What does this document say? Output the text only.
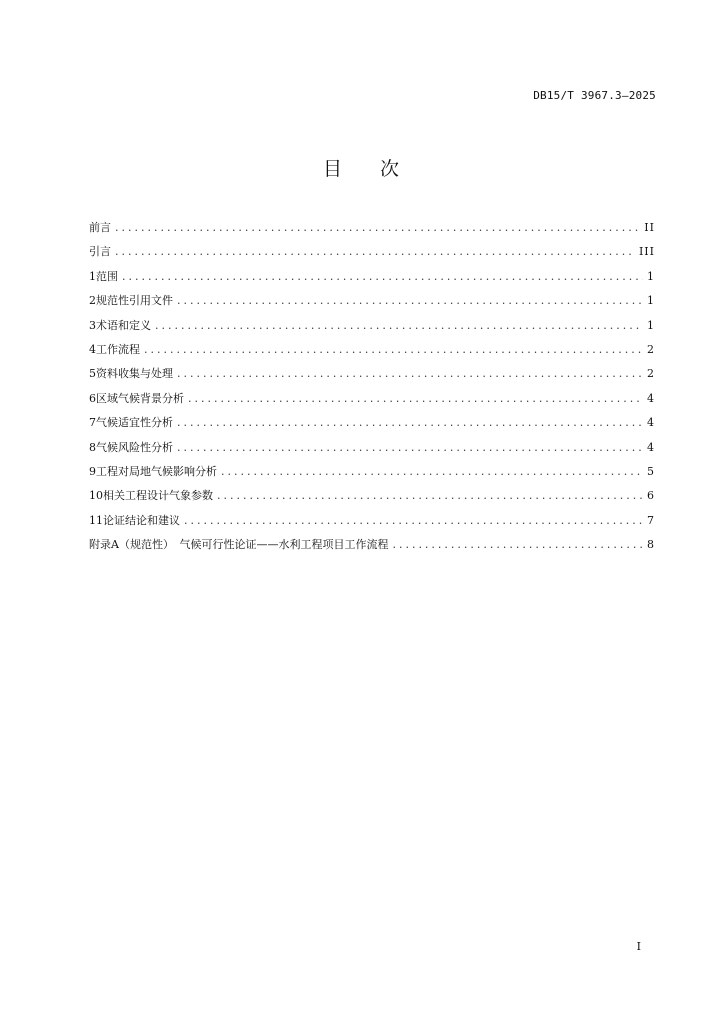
DB15/T 3967.3—2025
目 次
前言 .....	II
引言 .....	III
1 范围 .....	1
2 规范性引用文件 .....	1
3 术语和定义 .....	1
4 工作流程 .....	2
5 资料收集与处理 .....	2
6 区域气候背景分析 .....	4
7 气候适宜性分析 .....	4
8 气候风险性分析 .....	4
9 工程对局地气候影响分析 .....	5
10 相关工程设计气象参数 .....	6
11 论证结论和建议 .....	7
附录A（规范性）　气候可行性论证——水利工程项目工作流程 .....	8
I
